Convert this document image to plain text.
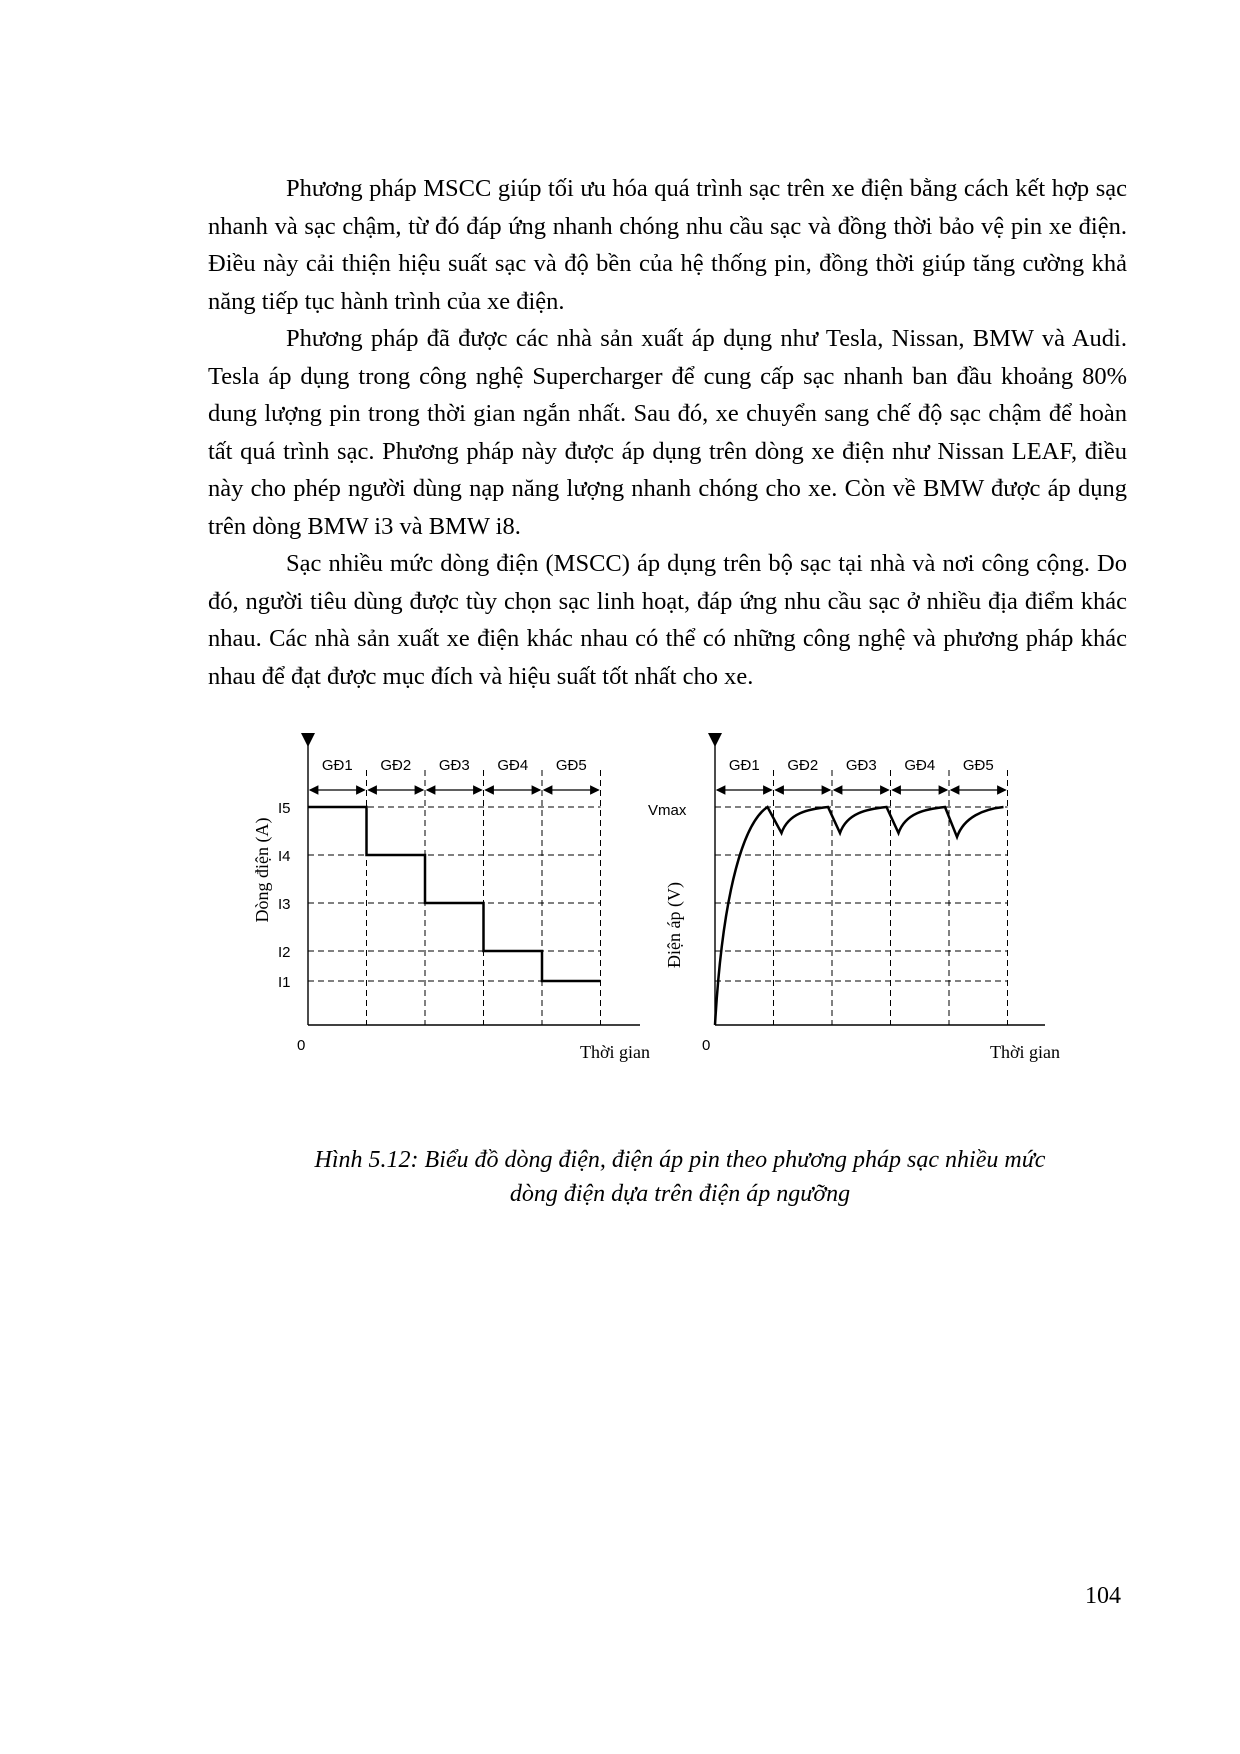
Phương pháp MSCC giúp tối ưu hóa quá trình sạc trên xe điện bằng cách kết hợp sạc nhanh và sạc chậm, từ đó đáp ứng nhanh chóng nhu cầu sạc và đồng thời bảo vệ pin xe điện. Điều này cải thiện hiệu suất sạc và độ bền của hệ thống pin, đồng thời giúp tăng cường khả năng tiếp tục hành trình của xe điện.

Phương pháp đã được các nhà sản xuất áp dụng như Tesla, Nissan, BMW và Audi. Tesla áp dụng trong công nghệ Supercharger để cung cấp sạc nhanh ban đầu khoảng 80% dung lượng pin trong thời gian ngắn nhất. Sau đó, xe chuyển sang chế độ sạc chậm để hoàn tất quá trình sạc. Phương pháp này được áp dụng trên dòng xe điện như Nissan LEAF, điều này cho phép người dùng nạp năng lượng nhanh chóng cho xe. Còn về BMW được áp dụng trên dòng BMW i3 và BMW i8.

Sạc nhiều mức dòng điện (MSCC) áp dụng trên bộ sạc tại nhà và nơi công cộng. Do đó, người tiêu dùng được tùy chọn sạc linh hoạt, đáp ứng nhu cầu sạc ở nhiều địa điểm khác nhau. Các nhà sản xuất xe điện khác nhau có thể có những công nghệ và phương pháp khác nhau để đạt được mục đích và hiệu suất tốt nhất cho xe.

GĐ1 GĐ2 GĐ3 GĐ4 GĐ5
I1
I2
I3
I4
I5
Dòng điện (A)
0	Thời gian
GĐ1 GĐ2 GĐ3 GĐ4 GĐ5
Vmax
Điện áp (V)
0	Thời gian
Hình 5.12: Biểu đồ dòng điện, điện áp pin theo phương pháp sạc nhiều mức
dòng điện dựa trên điện áp ngưỡng
104
